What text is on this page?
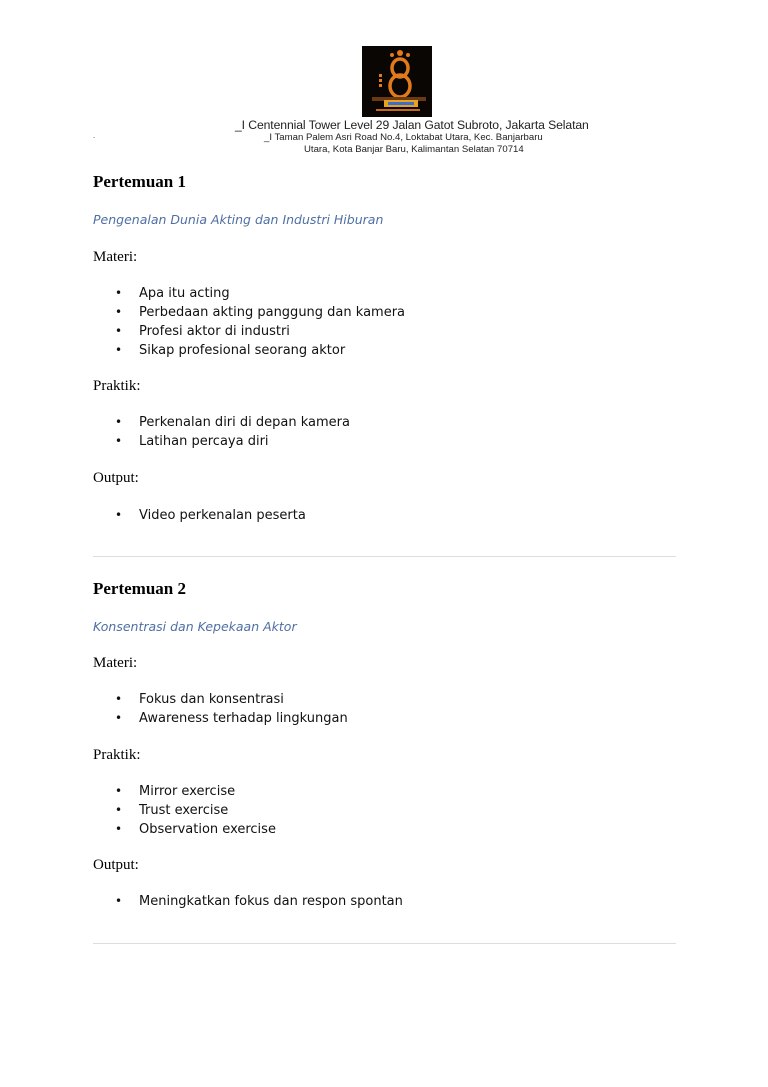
_I Centennial Tower Level 29 Jalan Gatot Subroto, Jakarta Selatan
.	_I Taman Palem Asri Road No.4, Loktabat Utara, Kec. Banjarbaru
Utara, Kota Banjar Baru, Kalimantan Selatan 70714
Pertemuan 1
Pengenalan Dunia Akting dan Industri Hiburan
Materi:
• Apa itu acting
• Perbedaan akting panggung dan kamera
• Profesi aktor di industri
• Sikap profesional seorang aktor
Praktik:
• Perkenalan diri di depan kamera
• Latihan percaya diri
Output:
• Video perkenalan peserta
Pertemuan 2
Konsentrasi dan Kepekaan Aktor
Materi:
• Fokus dan konsentrasi
• Awareness terhadap lingkungan
Praktik:
• Mirror exercise
• Trust exercise
• Observation exercise
Output:
• Meningkatkan fokus dan respon spontan
